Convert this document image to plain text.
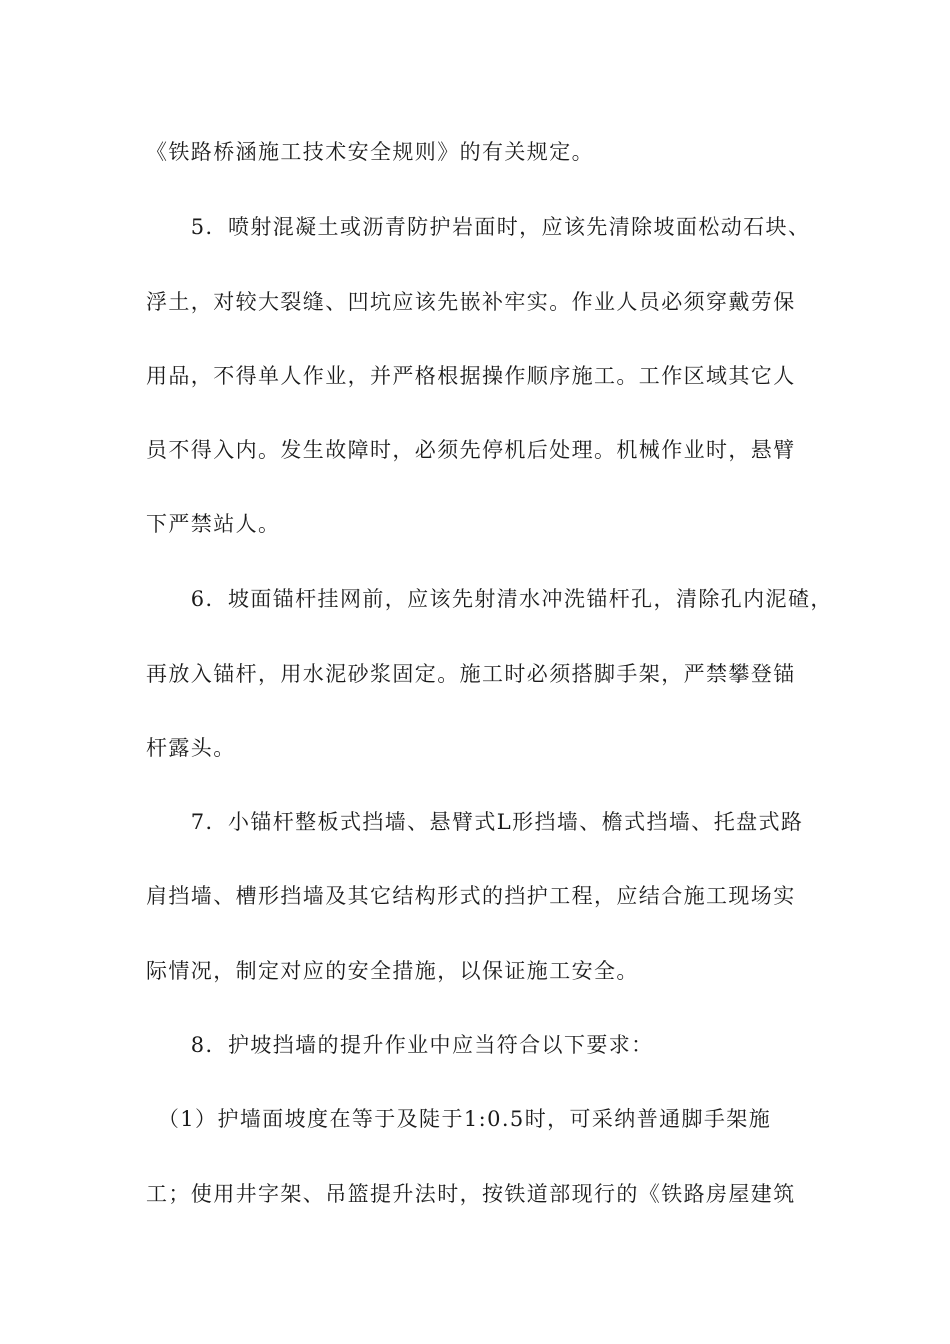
《铁路桥涵施工技术安全规则》的有关规定。
　　5．喷射混凝土或沥青防护岩面时，应该先清除坡面松动石块、
浮土，对较大裂缝、凹坑应该先嵌补牢实。作业人员必须穿戴劳保
用品，不得单人作业，并严格根据操作顺序施工。工作区域其它人
员不得入内。发生故障时，必须先停机后处理。机械作业时，悬臂
下严禁站人。
　　6．坡面锚杆挂网前，应该先射清水冲洗锚杆孔，清除孔内泥碴，
再放入锚杆，用水泥砂浆固定。施工时必须搭脚手架，严禁攀登锚
杆露头。
　　7．小锚杆整板式挡墙、悬臂式L形挡墙、檐式挡墙、托盘式路
肩挡墙、槽形挡墙及其它结构形式的挡护工程，应结合施工现场实
际情况，制定对应的安全措施，以保证施工安全。
　　8．护坡挡墙的提升作业中应当符合以下要求：
　（1）护墙面坡度在等于及陡于1:0.5时，可采纳普通脚手架施
工；使用井字架、吊篮提升法时，按铁道部现行的《铁路房屋建筑
